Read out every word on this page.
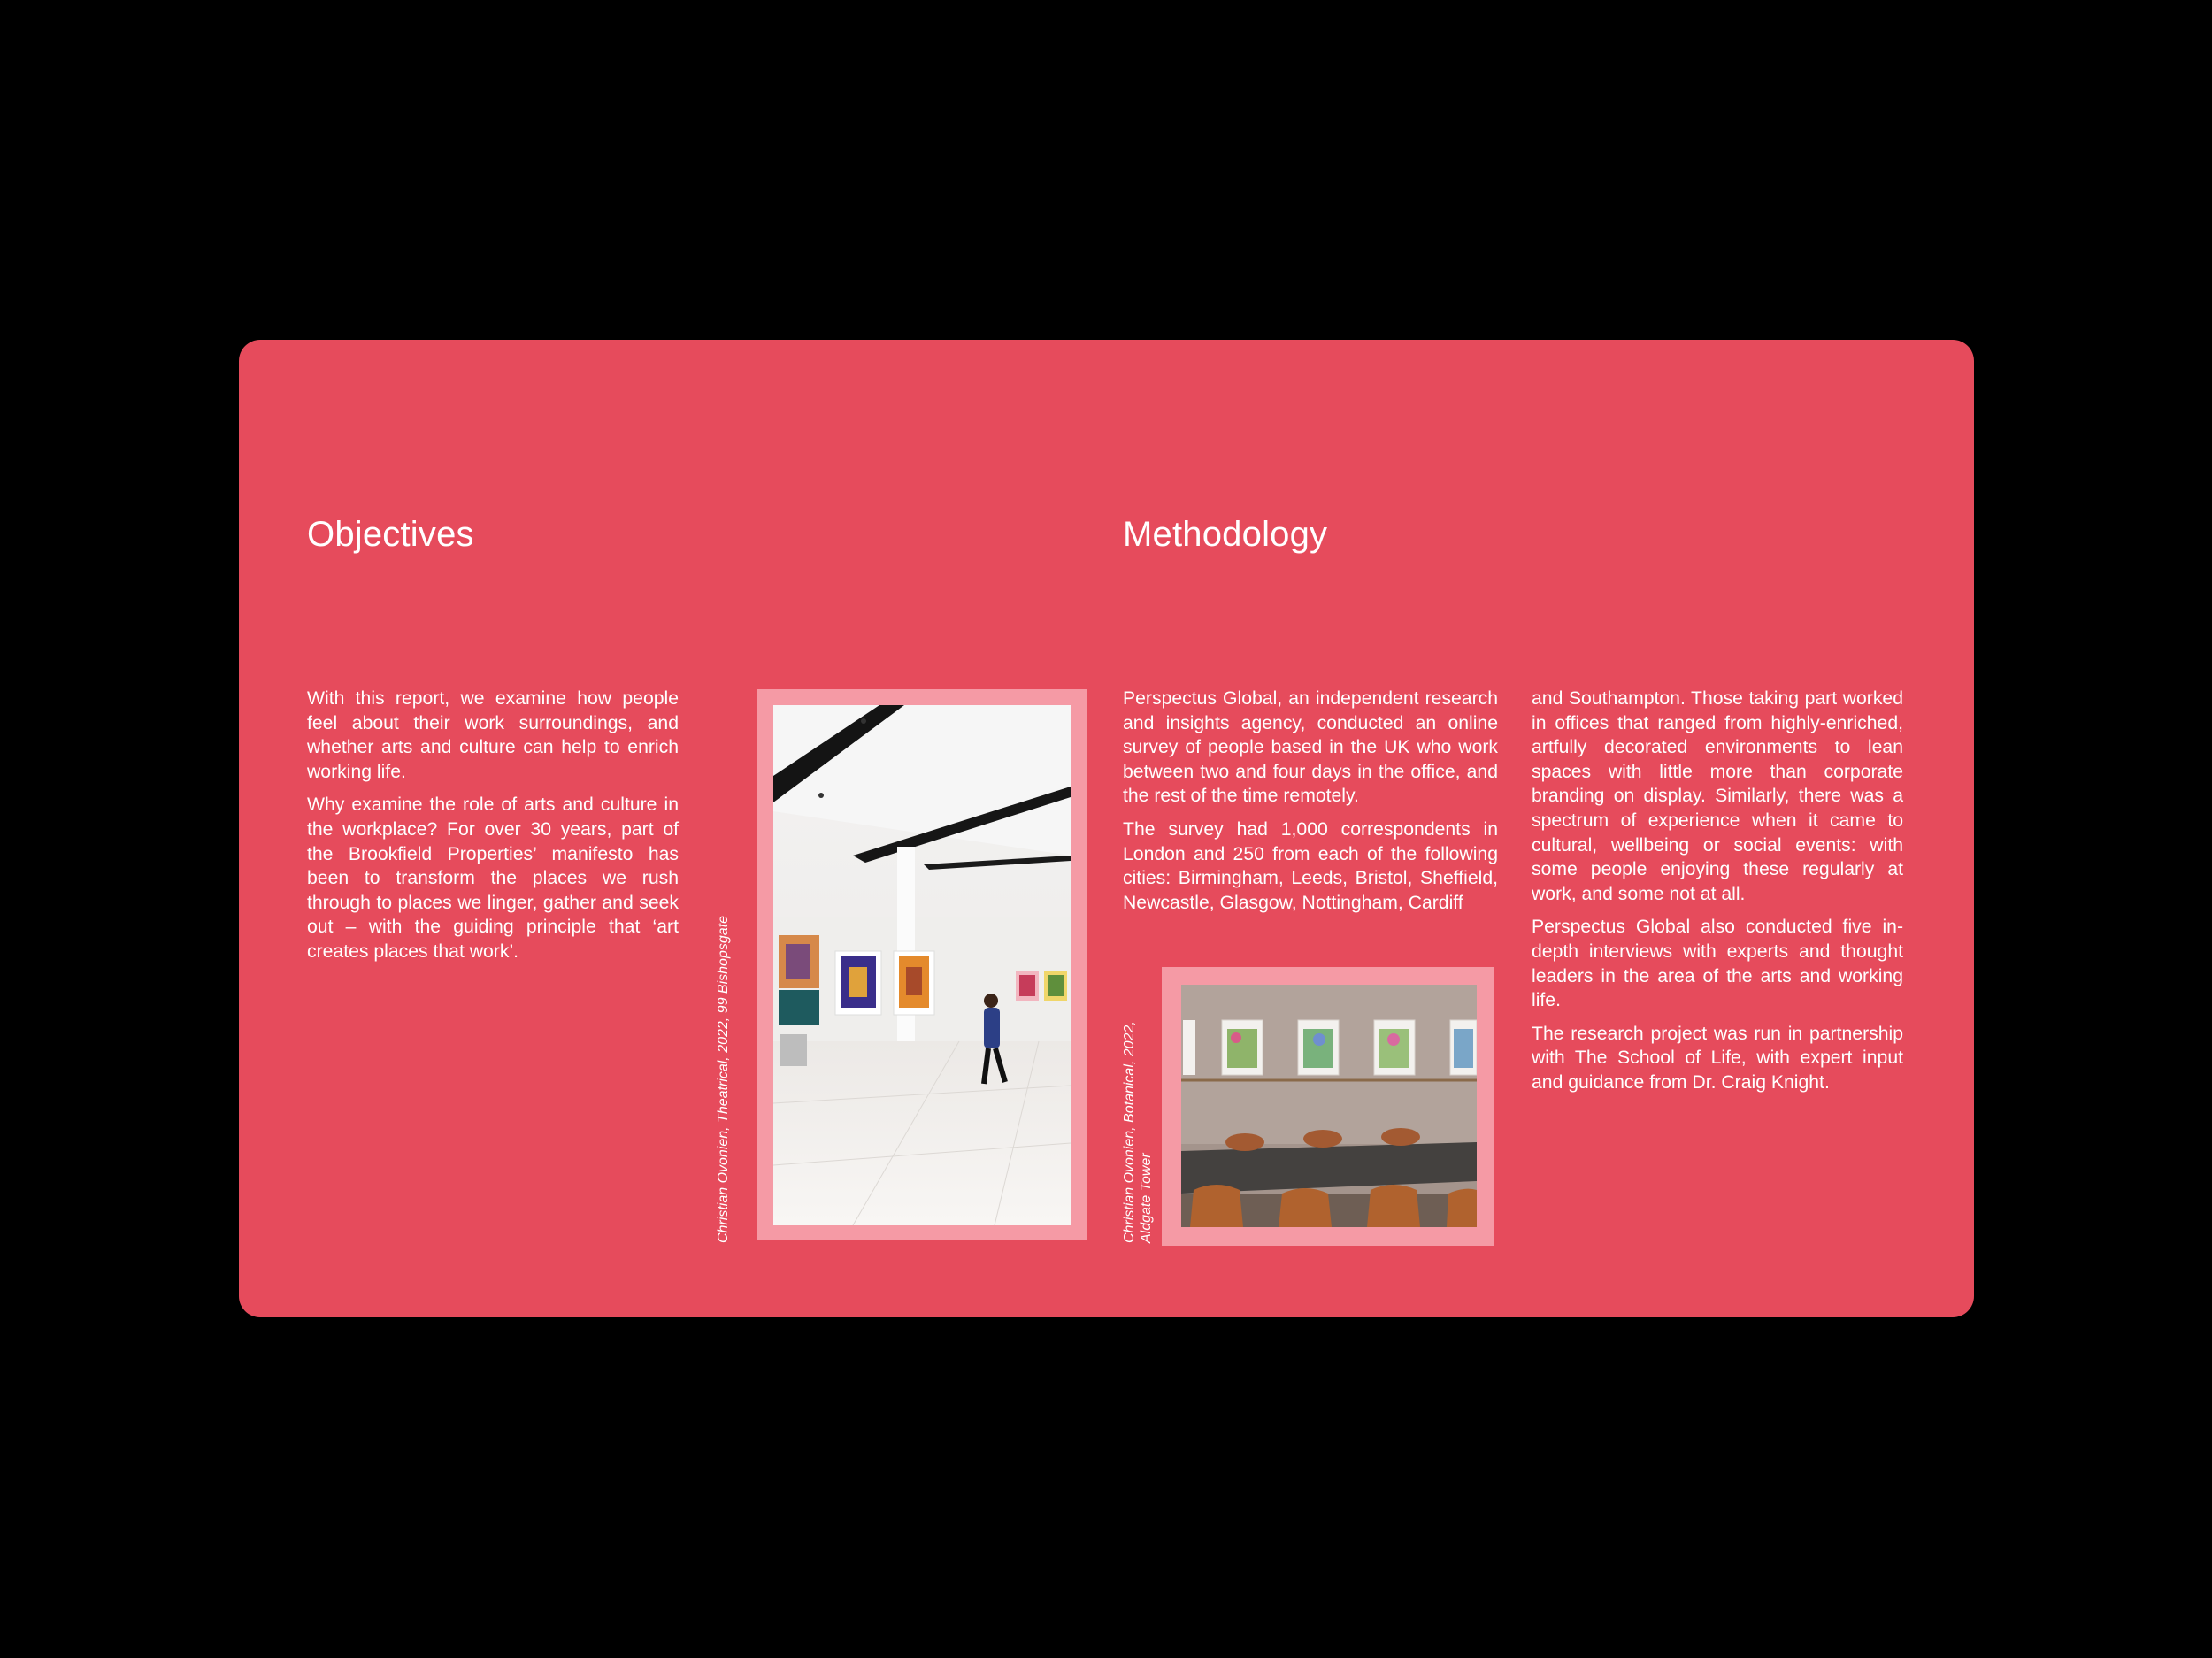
Objectives	Methodology

With this report, we examine how people feel about their work surroundings, and whether arts and culture can help to enrich working life.

Why examine the role of arts and culture in the workplace? For over 30 years, part of the Brookfield Properties’ manifesto has been to transform the places we rush through to places we linger, gather and seek out – with the guiding principle that ‘art creates places that work’.	Christian Ovonien, Theatrical, 2022, 99 Bishopsgate

Perspectus Global, an independent research and insights agency, conducted an online survey of people based in the UK who work between two and four days in the office, and the rest of the time remotely.

The survey had 1,000 correspondents in London and 250 from each of the following cities: Birmingham, Leeds, Bristol, Sheffield, Newcastle, Glasgow, Nottingham, Cardiff

Christian Ovonien, Botanical, 2022, Aldgate Tower

and Southampton. Those taking part worked in offices that ranged from highly-enriched, artfully decorated environments to lean spaces with little more than corporate branding on display. Similarly, there was a spectrum of experience when it came to cultural, wellbeing or social events: with some people enjoying these regularly at work, and some not at all.

Perspectus Global also conducted five in-depth interviews with experts and thought leaders in the area of the arts and working life.

The research project was run in partnership with The School of Life, with expert input and guidance from Dr. Craig Knight.
